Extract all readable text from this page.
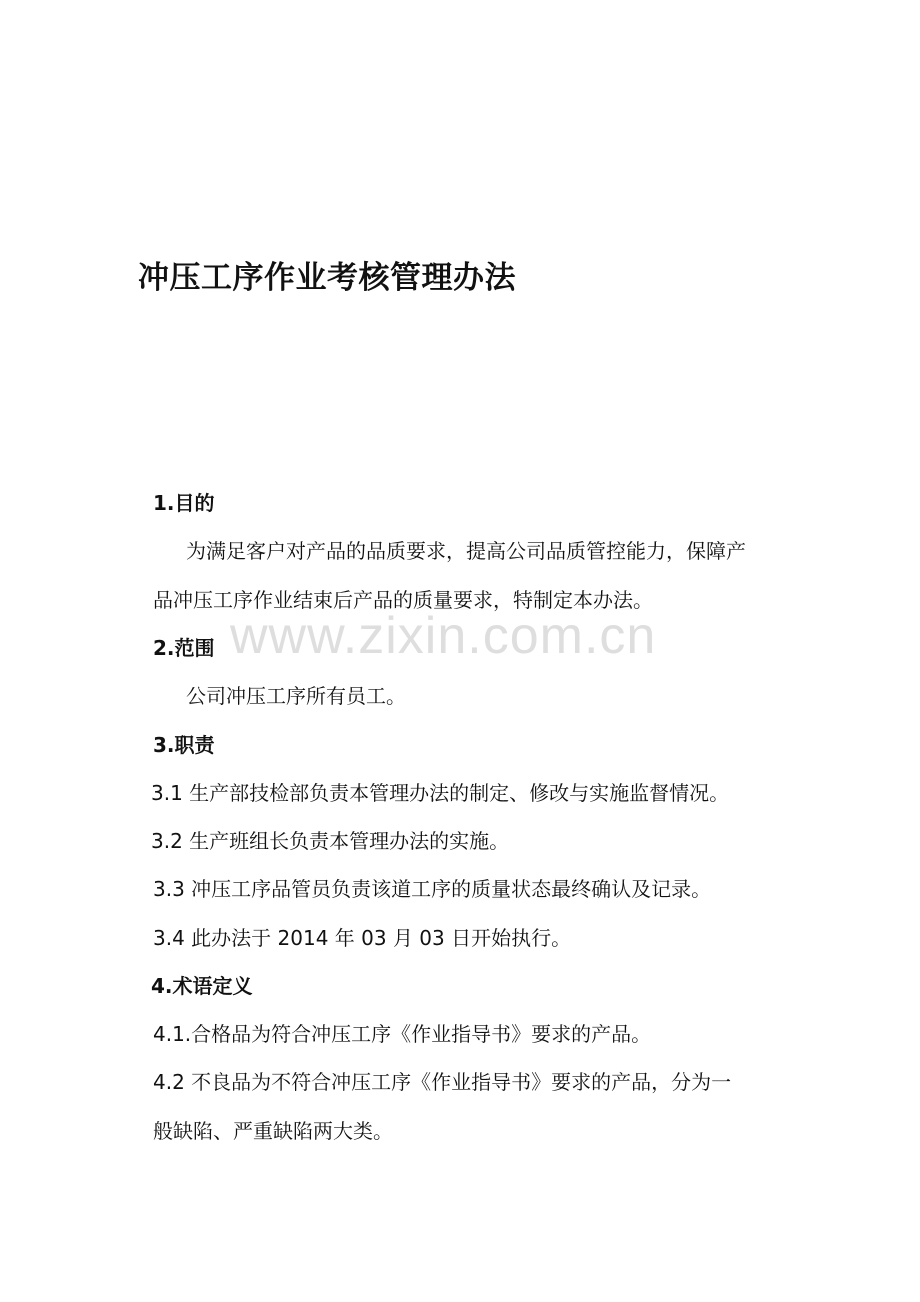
冲压工序作业考核管理办法
1.目的
为满足客户对产品的品质要求，提高公司品质管控能力，保障产
品冲压工序作业结束后产品的质量要求，特制定本办法。
2.范围
公司冲压工序所有员工。
3.职责
3.1 生产部技检部负责本管理办法的制定、修改与实施监督情况。
3.2 生产班组长负责本管理办法的实施。
3.3 冲压工序品管员负责该道工序的质量状态最终确认及记录。
3.4 此办法于 2014 年 03 月 03 日开始执行。
4.术语定义
4.1.合格品为符合冲压工序《作业指导书》要求的产品。
4.2 不良品为不符合冲压工序《作业指导书》要求的产品，分为一
般缺陷、严重缺陷两大类。
www.zixin.com.cn
